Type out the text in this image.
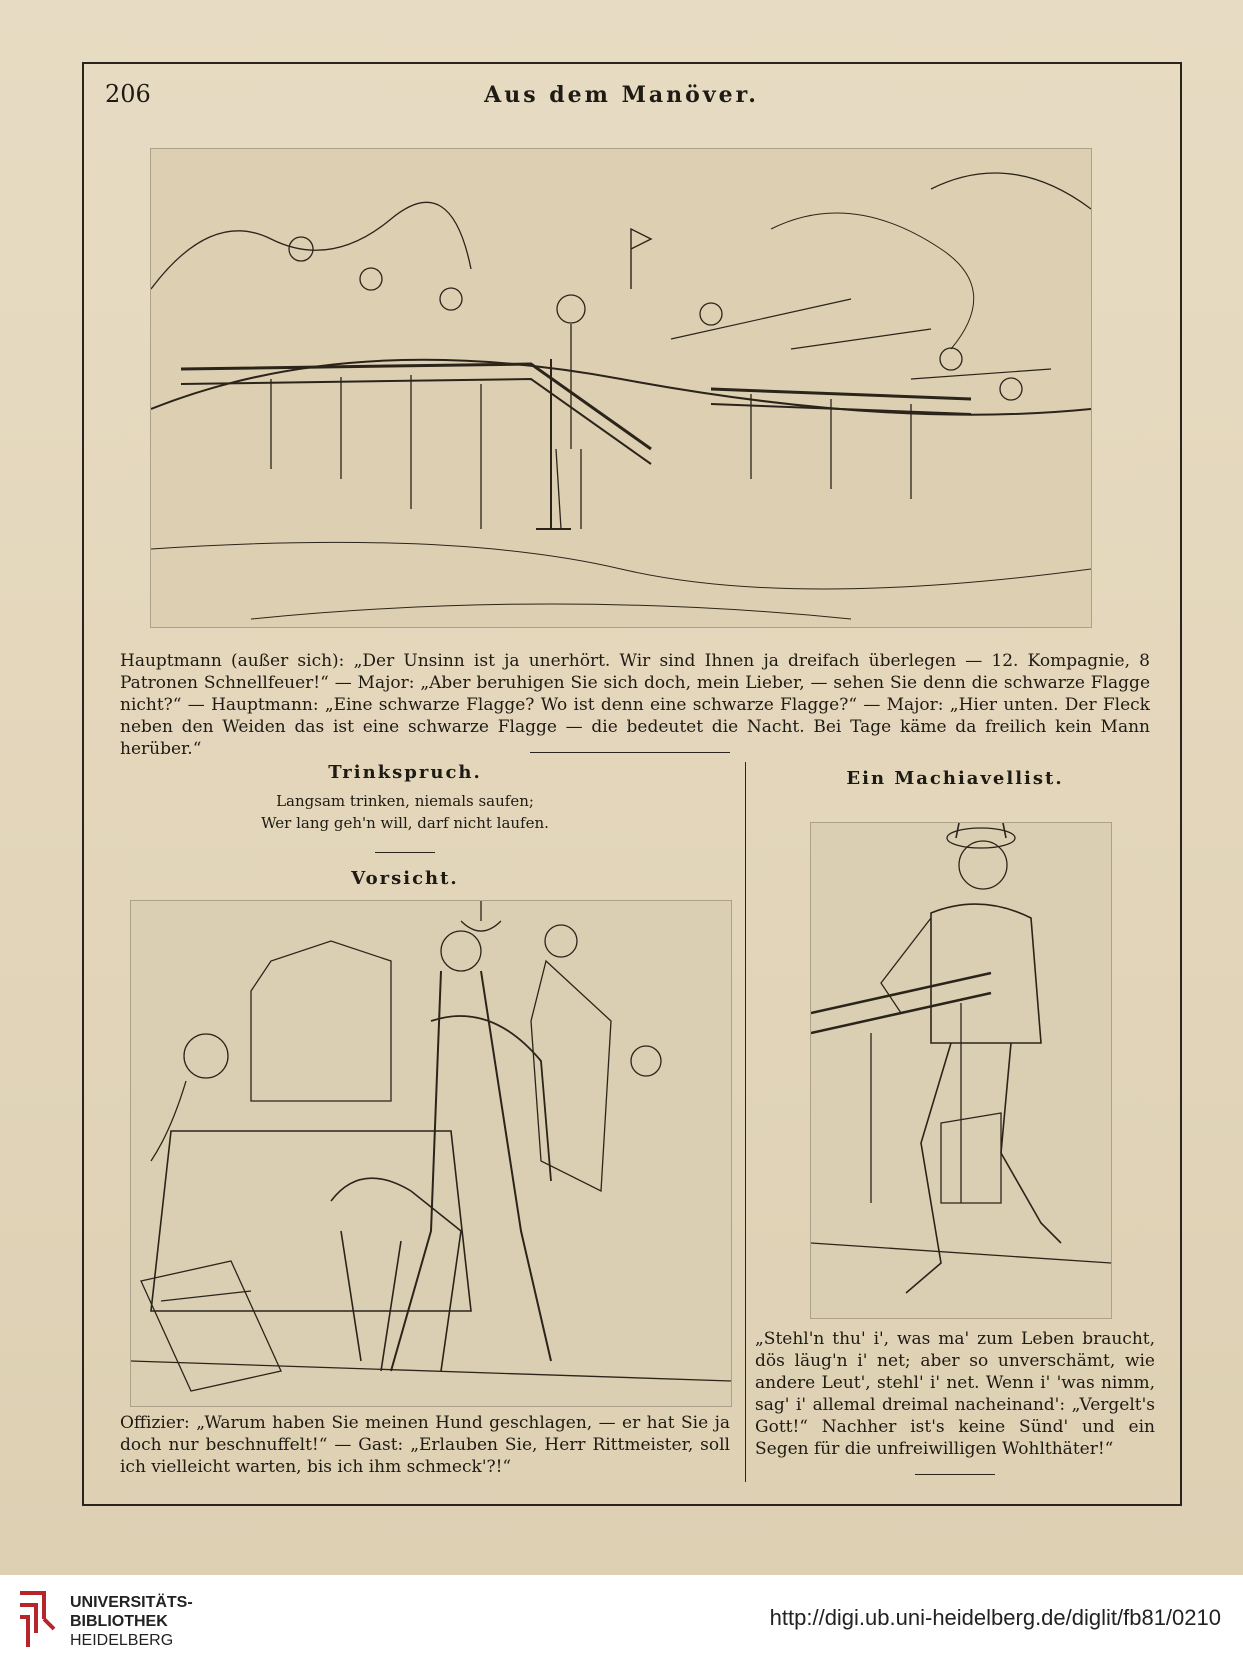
206	Aus dem Manöver.
Hauptmann (außer sich): „Der Unsinn ist ja unerhört. Wir sind Ihnen ja dreifach überlegen — 12. Kompagnie, 8 Patronen Schnellfeuer!“ — Major: „Aber beruhigen Sie sich doch, mein Lieber, — sehen Sie denn die schwarze Flagge nicht?“ — Hauptmann: „Eine schwarze Flagge? Wo ist denn eine schwarze Flagge?“ — Major: „Hier unten. Der Fleck neben den Weiden das ist eine schwarze Flagge — die bedeutet die Nacht. Bei Tage käme da freilich kein Mann herüber.“
Trinkspruch.
Langsam trinken, niemals saufen;
Wer lang geh'n will, darf nicht laufen.
Vorsicht.
Offizier: „Warum haben Sie meinen Hund geschlagen, — er hat Sie ja doch nur beschnuffelt!“ — Gast: „Erlauben Sie, Herr Rittmeister, soll ich vielleicht warten, bis ich ihm schmeck'?!“
Ein Machiavellist.
„Stehl'n thu' i', was ma' zum Leben braucht, dös läug'n i' net; aber so unverschämt, wie andere Leut', stehl' i' net. Wenn i' 'was nimm, sag' i' allemal dreimal nacheinand': „Vergelt's Gott!“ Nachher ist's keine Sünd' und ein Segen für die unfreiwilligen Wohlthäter!“
UNIVERSITÄTS-
BIBLIOTHEK
HEIDELBERG
http://digi.ub.uni-heidelberg.de/diglit/fb81/0210
